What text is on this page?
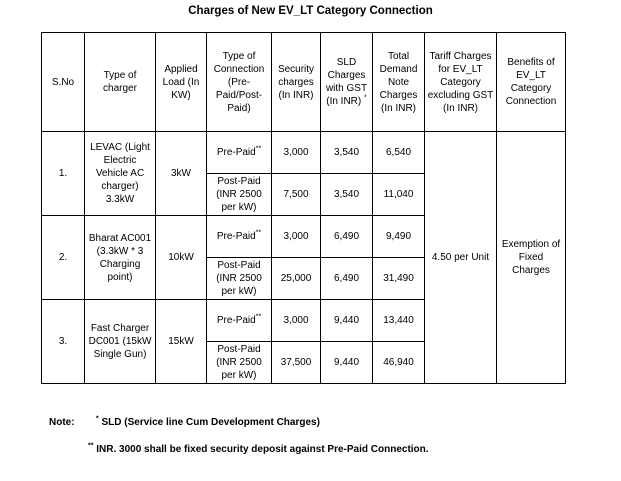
Charges of New EV_LT Category Connection
S.No	Type of charger	Applied Load (In KW)	Type of Connection (Pre-Paid/Post-Paid)	Security charges (In INR)	SLD Charges with GST (In INR) *	Total Demand Note Charges (In INR)	Tariff Charges for EV_LT Category excluding GST (In INR)	Benefits of EV_LT Category Connection
1.	LEVAC (Light Electric Vehicle AC charger) 3.3kW	3kW	Pre-Paid**	3,000	3,540	6,540	4.50 per Unit	Exemption of Fixed Charges
			Post-Paid (INR 2500 per kW)	7,500	3,540	11,040		
2.	Bharat AC001 (3.3kW * 3 Charging point)	10kW	Pre-Paid**	3,000	6,490	9,490		
			Post-Paid (INR 2500 per kW)	25,000	6,490	31,490		
3.	Fast Charger DC001 (15kW Single Gun)	15kW	Pre-Paid**	3,000	9,440	13,440		
			Post-Paid (INR 2500 per kW)	37,500	9,440	46,940		
Note:	* SLD (Service line Cum Development Charges)
** INR. 3000 shall be fixed security deposit against Pre-Paid Connection.
